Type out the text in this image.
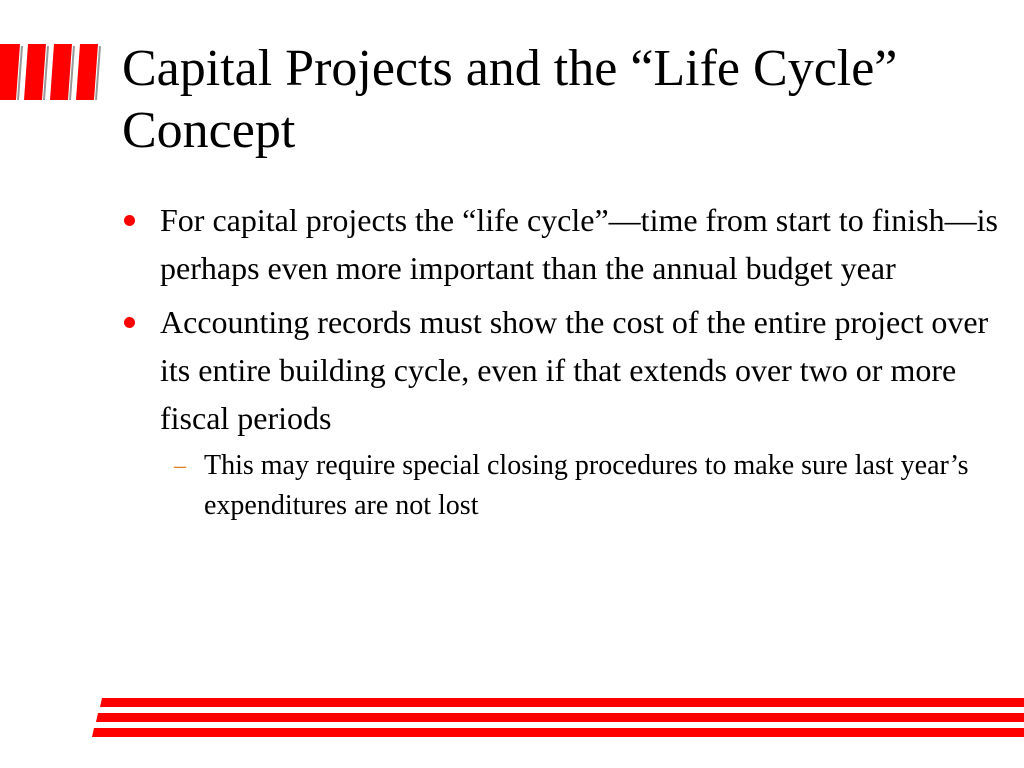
Capital Projects and the “Life Cycle” Concept
For capital projects the “life cycle”—time from start to finish—is perhaps even more important than the annual budget year
Accounting records must show the cost of the entire project over its entire building cycle, even if that extends over two or more fiscal periods
– This may require special closing procedures to make sure last year’s expenditures are not lost
